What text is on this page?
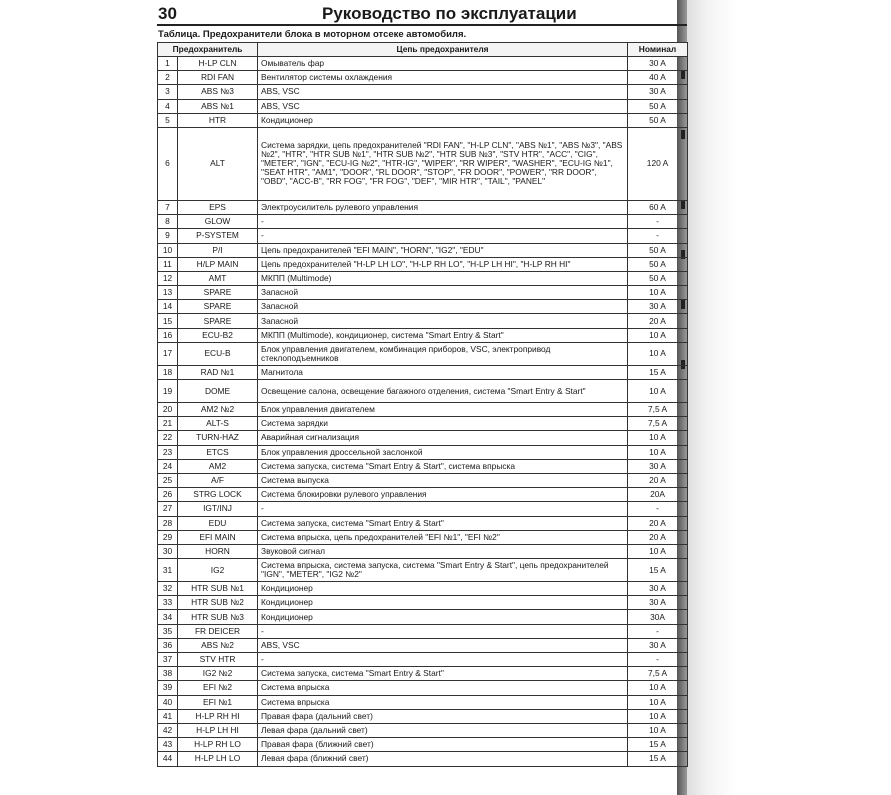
30	Руководство по эксплуатации
Таблица. Предохранители блока в моторном отсеке автомобиля.
Предохранитель		Цепь предохранителя	Номинал
1	H-LP CLN	Омыватель фар	30 A
2	RDI FAN	Вентилятор системы охлаждения	40 A
3	ABS №3	ABS, VSC	30 A
4	ABS №1	ABS, VSC	50 A
5	HTR	Кондиционер	50 A
6	ALT	Система зарядки, цепь предохранителей "RDI FAN", "H-LP CLN", "ABS №1", "ABS №3", "ABS №2", "HTR", "HTR SUB №1", "HTR SUB №2", "HTR SUB №3", "STV HTR", "ACC", "CIG", "METER", "IGN", "ECU-IG №2", "HTR-IG", "WIPER", "RR WIPER", "WASHER", "ECU-IG №1", "SEAT HTR", "AM1", "DOOR", "RL DOOR", "STOP", "FR DOOR", "POWER", "RR DOOR", "OBD", "ACC-B", "RR FOG", "FR FOG", "DEF", "MIR HTR", "TAIL", "PANEL"	120 A
7	EPS	Электроусилитель рулевого управления	60 A
8	GLOW	-	-
9	P-SYSTEM	-	-
10	P/I	Цепь предохранителей "EFI MAIN", "HORN", "IG2", "EDU"	50 A
11	H/LP MAIN	Цепь предохранителей "H-LP LH LO", "H-LP RH LO", "H-LP LH HI", "H-LP RH HI"	50 A
12	AMT	МКПП (Multimode)	50 A
13	SPARE	Запасной	10 A
14	SPARE	Запасной	30 A
15	SPARE	Запасной	20 A
16	ECU-B2	МКПП (Multimode), кондиционер, система "Smart Entry & Start"	10 A
17	ECU-B	Блок управления двигателем, комбинация приборов, VSC, электропривод стеклоподъемников	10 A
18	RAD №1	Магнитола	15 A
19	DOME	Освещение салона, освещение багажного отделения, система "Smart Entry & Start"	10 A
20	AM2 №2	Блок управления двигателем	7,5 A
21	ALT-S	Система зарядки	7,5 A
22	TURN-HAZ	Аварийная сигнализация	10 A
23	ETCS	Блок управления дроссельной заслонкой	10 A
24	AM2	Система запуска, система "Smart Entry & Start", система впрыска	30 A
25	A/F	Система выпуска	20 A
26	STRG LOCK	Система блокировки рулевого управления	20A
27	IGT/INJ	-	-
28	EDU	Система запуска, система "Smart Entry & Start"	20 A
29	EFI MAIN	Система впрыска, цепь предохранителей "EFI №1", "EFI №2"	20 A
30	HORN	Звуковой сигнал	10 A
31	IG2	Система впрыска, система запуска, система "Smart Entry & Start", цепь предохранителей "IGN", "METER", "IG2 №2"	15 A
32	HTR SUB №1	Кондиционер	30 A
33	HTR SUB №2	Кондиционер	30 A
34	HTR SUB №3	Кондиционер	30A
35	FR DEICER	-	-
36	ABS №2	ABS, VSC	30 A
37	STV HTR	-	-
38	IG2 №2	Система запуска, система "Smart Entry & Start"	7,5 A
39	EFI №2	Система впрыска	10 A
40	EFI №1	Система впрыска	10 A
41	H-LP RH HI	Правая фара (дальний свет)	10 A
42	H-LP LH HI	Левая фара (дальний свет)	10 A
43	H-LP RH LO	Правая фара (ближний свет)	15 A
44	H-LP LH LO	Левая фара (ближний свет)	15 A
